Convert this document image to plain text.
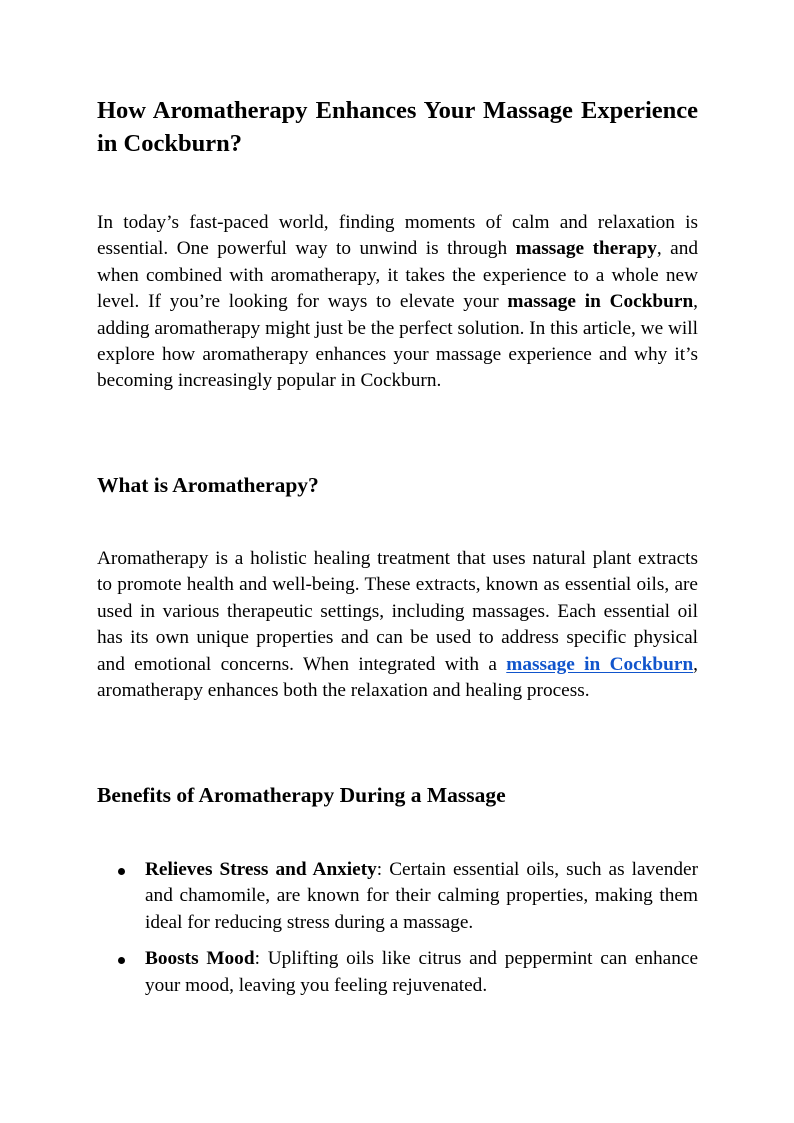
How Aromatherapy Enhances Your Massage Experience in Cockburn?

In today’s fast-paced world, finding moments of calm and relaxation is essential. One powerful way to unwind is through massage therapy, and when combined with aromatherapy, it takes the experience to a whole new level. If you’re looking for ways to elevate your massage in Cockburn, adding aromatherapy might just be the perfect solution. In this article, we will explore how aromatherapy enhances your massage experience and why it’s becoming increasingly popular in Cockburn.

What is Aromatherapy?

Aromatherapy is a holistic healing treatment that uses natural plant extracts to promote health and well-being. These extracts, known as essential oils, are used in various therapeutic settings, including massages. Each essential oil has its own unique properties and can be used to address specific physical and emotional concerns. When integrated with a massage in Cockburn, aromatherapy enhances both the relaxation and healing process.

Benefits of Aromatherapy During a Massage
Relieves Stress and Anxiety: Certain essential oils, such as lavender and chamomile, are known for their calming properties, making them ideal for reducing stress during a massage.
Boosts Mood: Uplifting oils like citrus and peppermint can enhance your mood, leaving you feeling rejuvenated.
